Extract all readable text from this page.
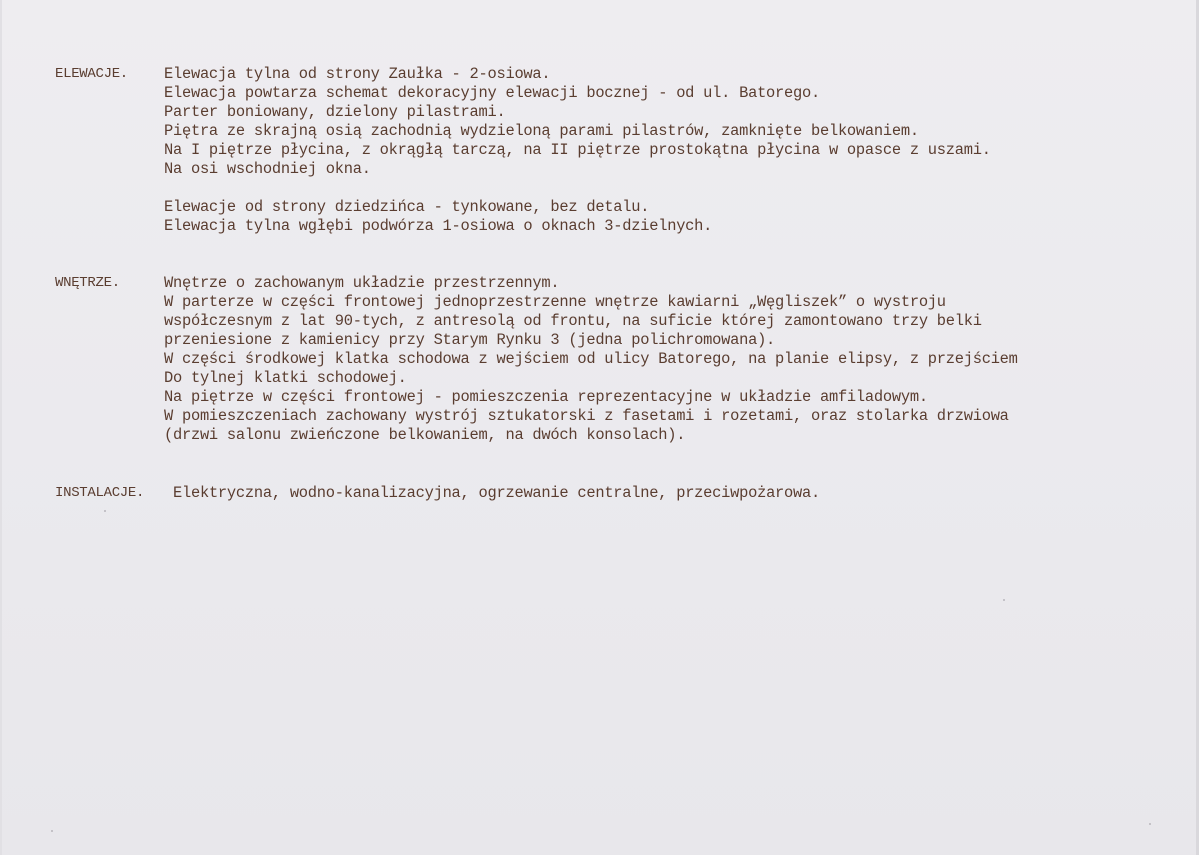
ELEWACJE. Elewacja tylna od strony Zaułka - 2-osiowa.
Elewacja powtarza schemat dekoracyjny elewacji bocznej - od ul. Batorego.
Parter boniowany, dzielony pilastrami.
Piętra ze skrajną osią zachodnią wydzieloną parami pilastrów, zamknięte belkowaniem.
Na I piętrze płycina, z okrągłą tarczą, na II piętrze prostokątna płycina w opasce z uszami.
Na osi wschodniej okna.
Elewacje od strony dziedzińca - tynkowane, bez detalu.
Elewacja tylna wgłębi podwórza 1-osiowa o oknach 3-dzielnych.
WNĘTRZE.	Wnętrze o zachowanym układzie przestrzennym.
W parterze w części frontowej jednoprzestrzenne wnętrze kawiarni „Węgliszek” o wystroju
współczesnym z lat 90-tych, z antresolą od frontu, na suficie której zamontowano trzy belki
przeniesione z kamienicy przy Starym Rynku 3 (jedna polichromowana).
W części środkowej klatka schodowa z wejściem od ulicy Batorego, na planie elipsy, z przejściem
Do tylnej klatki schodowej.
Na piętrze w części frontowej - pomieszczenia reprezentacyjne w układzie amfiladowym.
W pomieszczeniach zachowany wystrój sztukatorski z fasetami i rozetami, oraz stolarka drzwiowa
(drzwi salonu zwieńczone belkowaniem, na dwóch konsolach).
INSTALACJE. Elektryczna, wodno-kanalizacyjna, ogrzewanie centralne, przeciwpożarowa.
